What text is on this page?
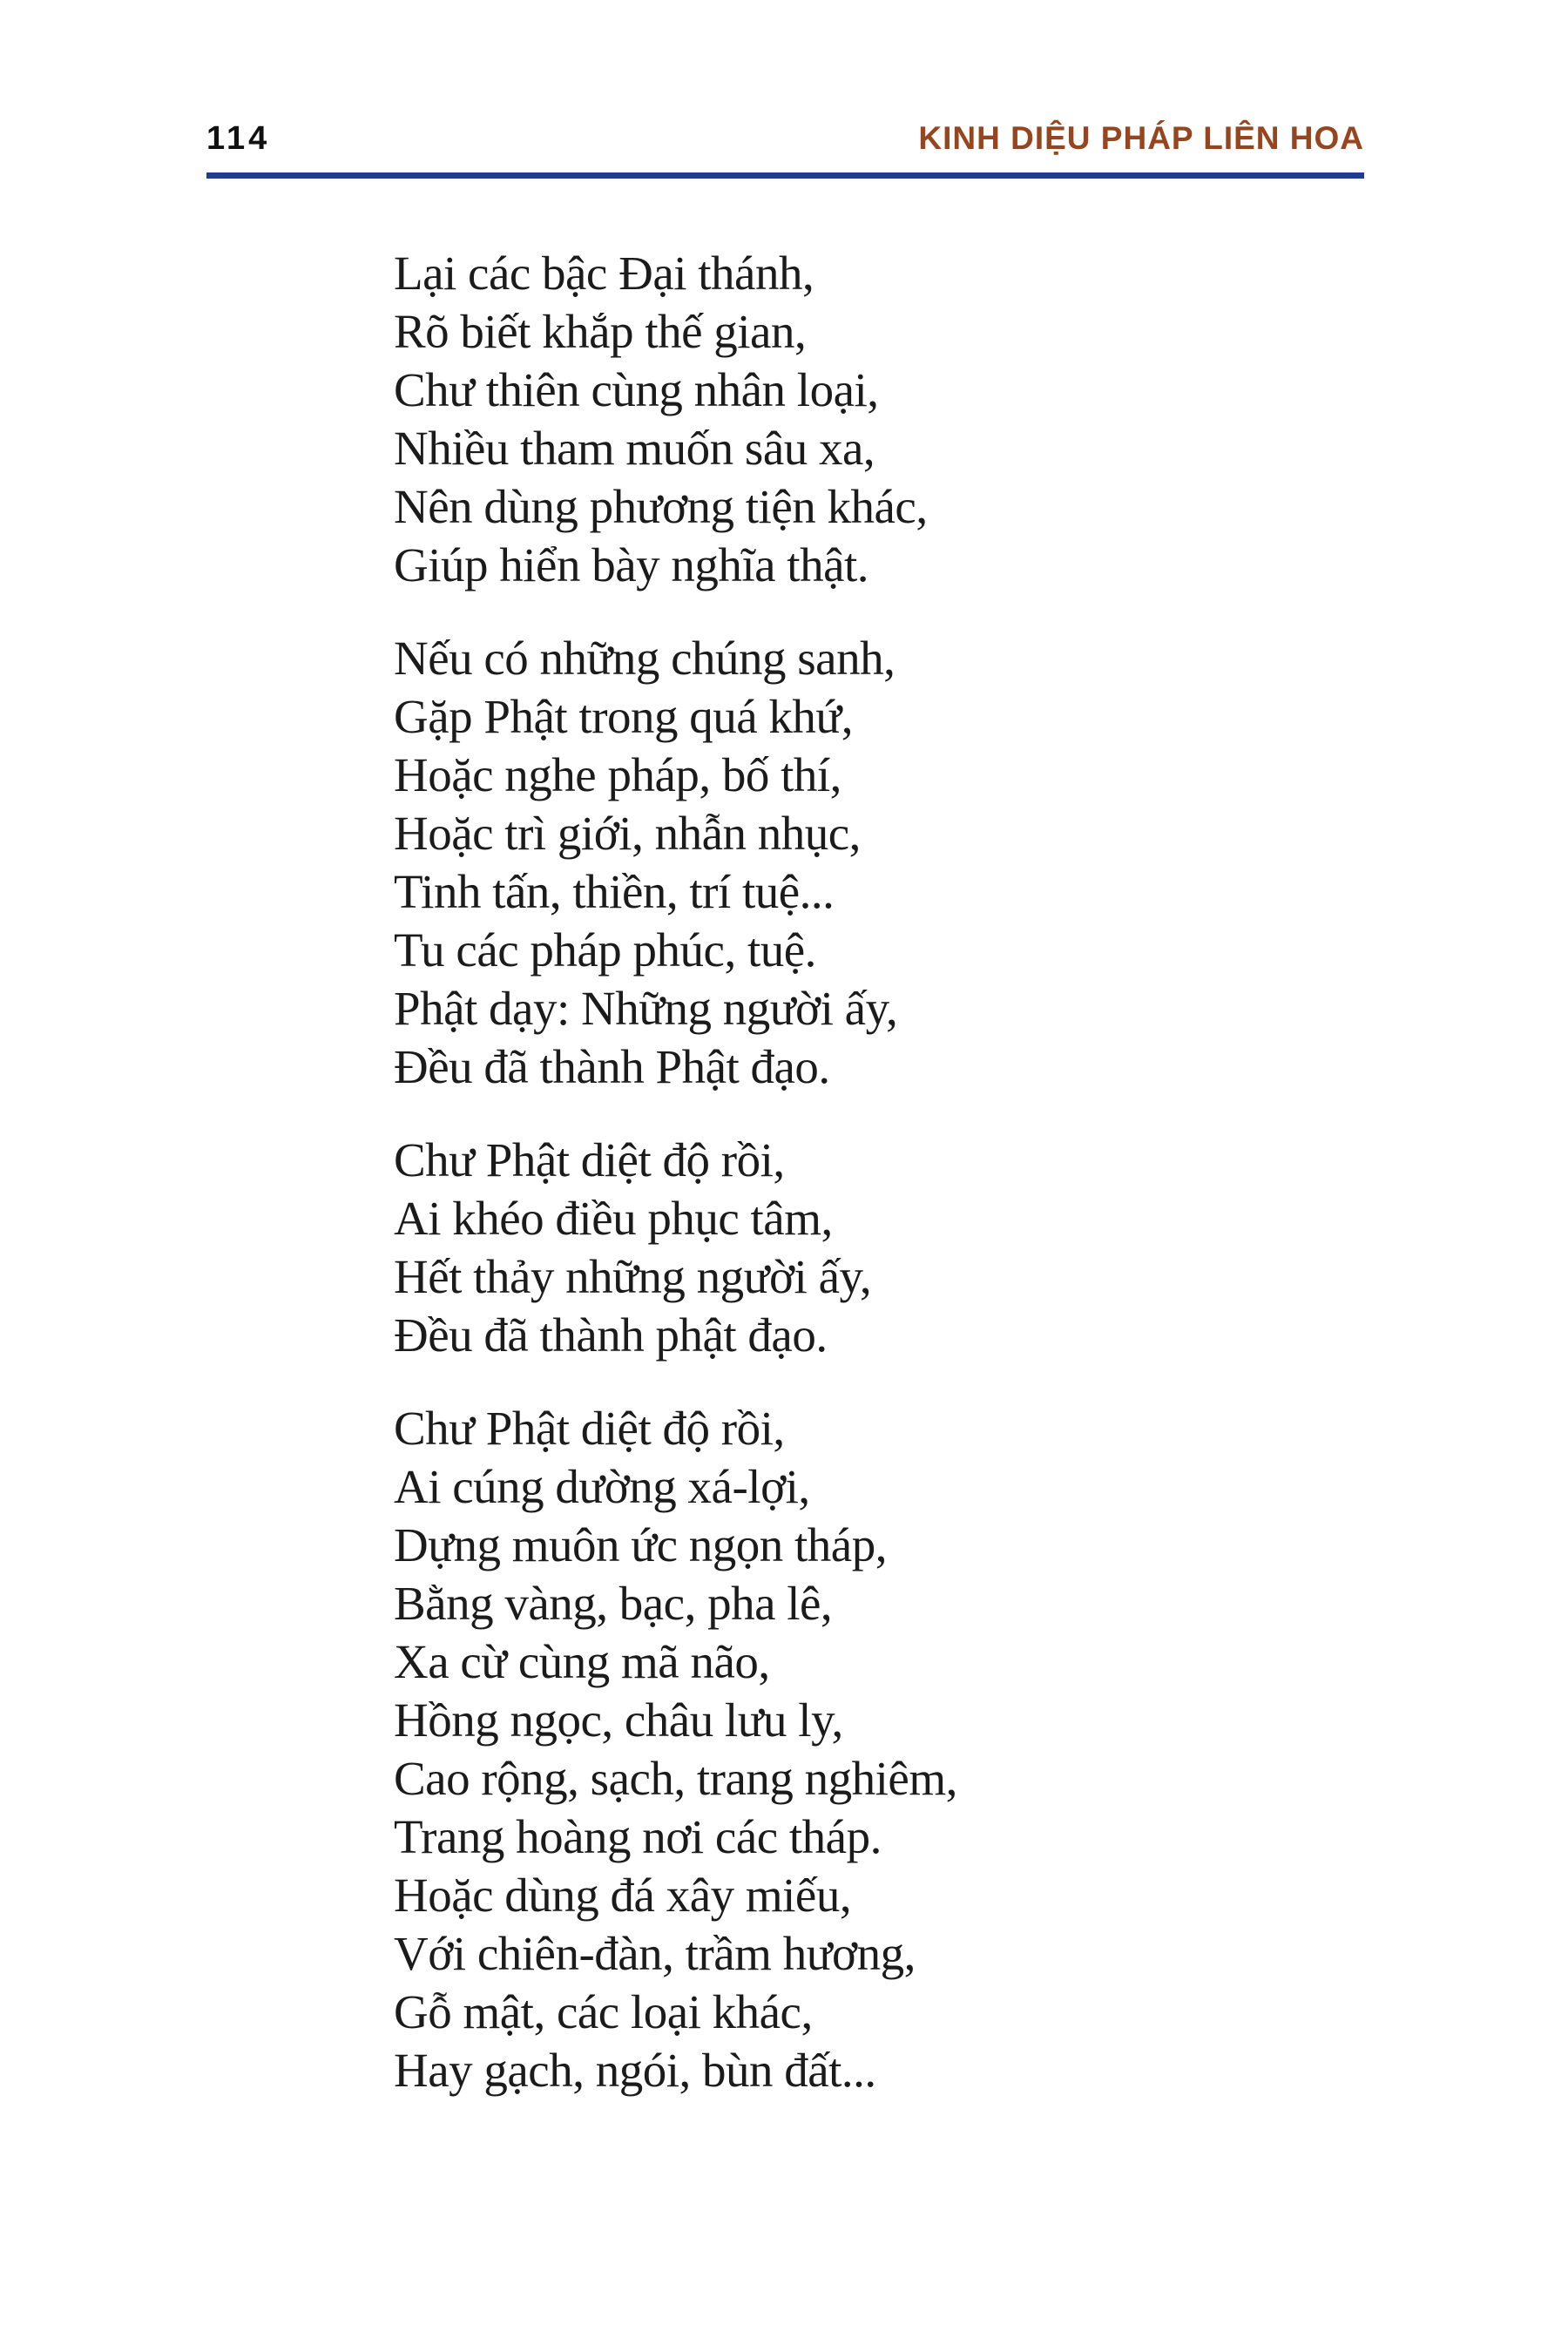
114	KINH DIỆU PHÁP LIÊN HOA
Lại các bậc Đại thánh,
Rõ biết khắp thế gian,
Chư thiên cùng nhân loại,
Nhiều tham muốn sâu xa,
Nên dùng phương tiện khác,
Giúp hiển bày nghĩa thật.
Nếu có những chúng sanh,
Gặp Phật trong quá khứ,
Hoặc nghe pháp, bố thí,
Hoặc trì giới, nhẫn nhục,
Tinh tấn, thiền, trí tuệ...
Tu các pháp phúc, tuệ.
Phật dạy: Những người ấy,
Đều đã thành Phật đạo.
Chư Phật diệt độ rồi,
Ai khéo điều phục tâm,
Hết thảy những người ấy,
Đều đã thành phật đạo.
Chư Phật diệt độ rồi,
Ai cúng dường xá-lợi,
Dựng muôn ức ngọn tháp,
Bằng vàng, bạc, pha lê,
Xa cừ cùng mã não,
Hồng ngọc, châu lưu ly,
Cao rộng, sạch, trang nghiêm,
Trang hoàng nơi các tháp.
Hoặc dùng đá xây miếu,
Với chiên-đàn, trầm hương,
Gỗ mật, các loại khác,
Hay gạch, ngói, bùn đất...
